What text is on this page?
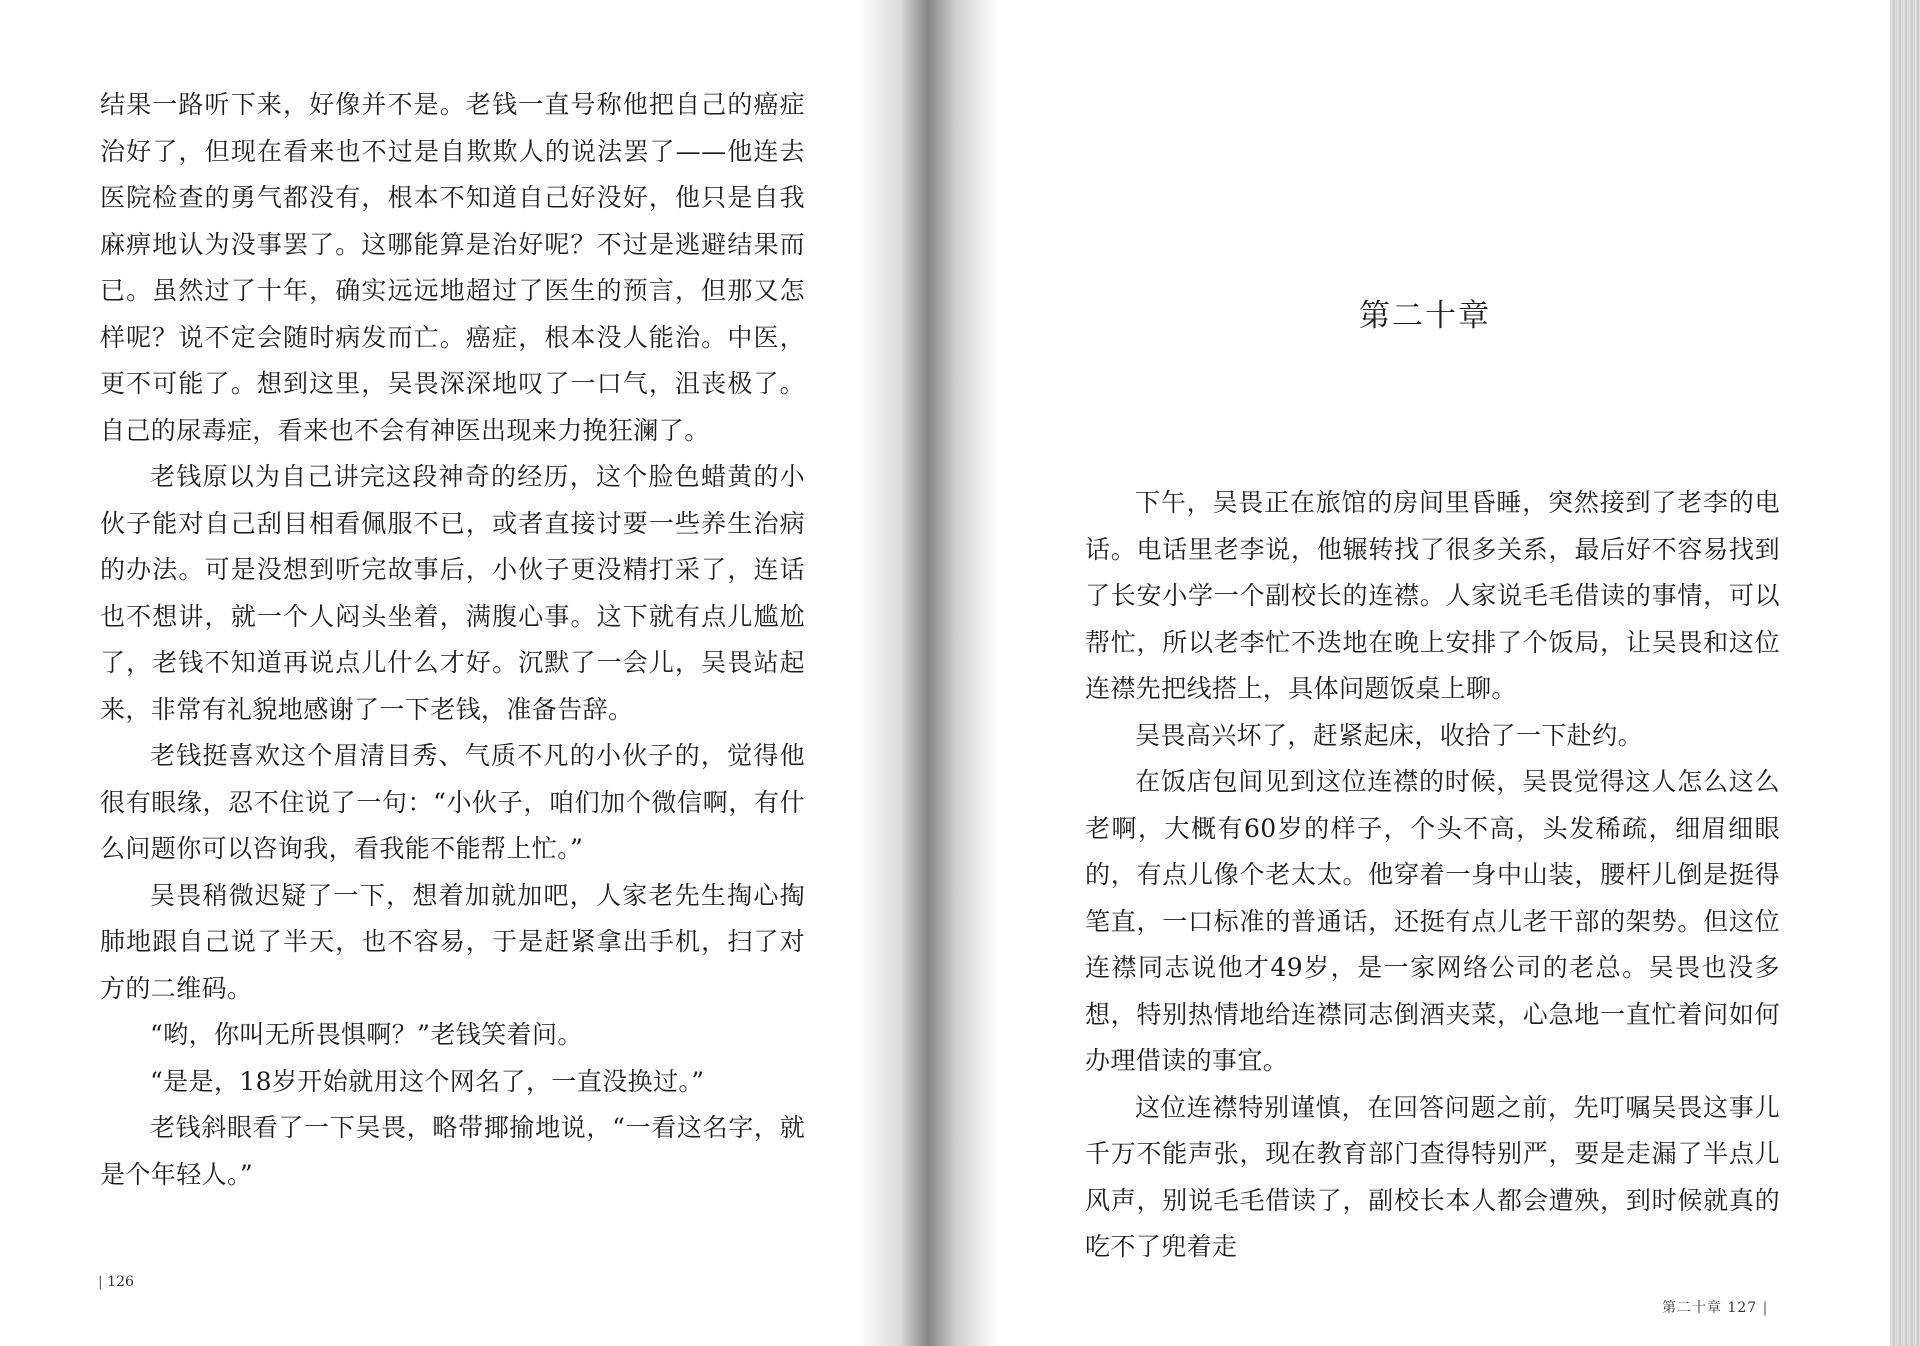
结果一路听下来，好像并不是。老钱一直号称他把自己的癌症治好了，但现在看来也不过是自欺欺人的说法罢了——他连去医院检查的勇气都没有，根本不知道自己好没好，他只是自我麻痹地认为没事罢了。这哪能算是治好呢？不过是逃避结果而已。虽然过了十年，确实远远地超过了医生的预言，但那又怎样呢？说不定会随时病发而亡。癌症，根本没人能治。中医，更不可能了。想到这里，吴畏深深地叹了一口气，沮丧极了。自己的尿毒症，看来也不会有神医出现来力挽狂澜了。

老钱原以为自己讲完这段神奇的经历，这个脸色蜡黄的小伙子能对自己刮目相看佩服不已，或者直接讨要一些养生治病的办法。可是没想到听完故事后，小伙子更没精打采了，连话也不想讲，就一个人闷头坐着，满腹心事。这下就有点儿尴尬了，老钱不知道再说点儿什么才好。沉默了一会儿，吴畏站起来，非常有礼貌地感谢了一下老钱，准备告辞。

老钱挺喜欢这个眉清目秀、气质不凡的小伙子的，觉得他很有眼缘，忍不住说了一句：“小伙子，咱们加个微信啊，有什么问题你可以咨询我，看我能不能帮上忙。”

吴畏稍微迟疑了一下，想着加就加吧，人家老先生掏心掏肺地跟自己说了半天，也不容易，于是赶紧拿出手机，扫了对方的二维码。

“哟，你叫无所畏惧啊？”老钱笑着问。

“是是，18岁开始就用这个网名了，一直没换过。”

老钱斜眼看了一下吴畏，略带揶揄地说，“一看这名字，就是个年轻人。”

| 126
第二十章

下午，吴畏正在旅馆的房间里昏睡，突然接到了老李的电话。电话里老李说，他辗转找了很多关系，最后好不容易找到了长安小学一个副校长的连襟。人家说毛毛借读的事情，可以帮忙，所以老李忙不迭地在晚上安排了个饭局，让吴畏和这位连襟先把线搭上，具体问题饭桌上聊。

吴畏高兴坏了，赶紧起床，收拾了一下赴约。

在饭店包间见到这位连襟的时候，吴畏觉得这人怎么这么老啊，大概有60岁的样子，个头不高，头发稀疏，细眉细眼的，有点儿像个老太太。他穿着一身中山装，腰杆儿倒是挺得笔直，一口标准的普通话，还挺有点儿老干部的架势。但这位连襟同志说他才49岁，是一家网络公司的老总。吴畏也没多想，特别热情地给连襟同志倒酒夹菜，心急地一直忙着问如何办理借读的事宜。

这位连襟特别谨慎，在回答问题之前，先叮嘱吴畏这事儿千万不能声张，现在教育部门查得特别严，要是走漏了半点儿风声，别说毛毛借读了，副校长本人都会遭殃，到时候就真的吃不了兜着走

第二十章 127 |
